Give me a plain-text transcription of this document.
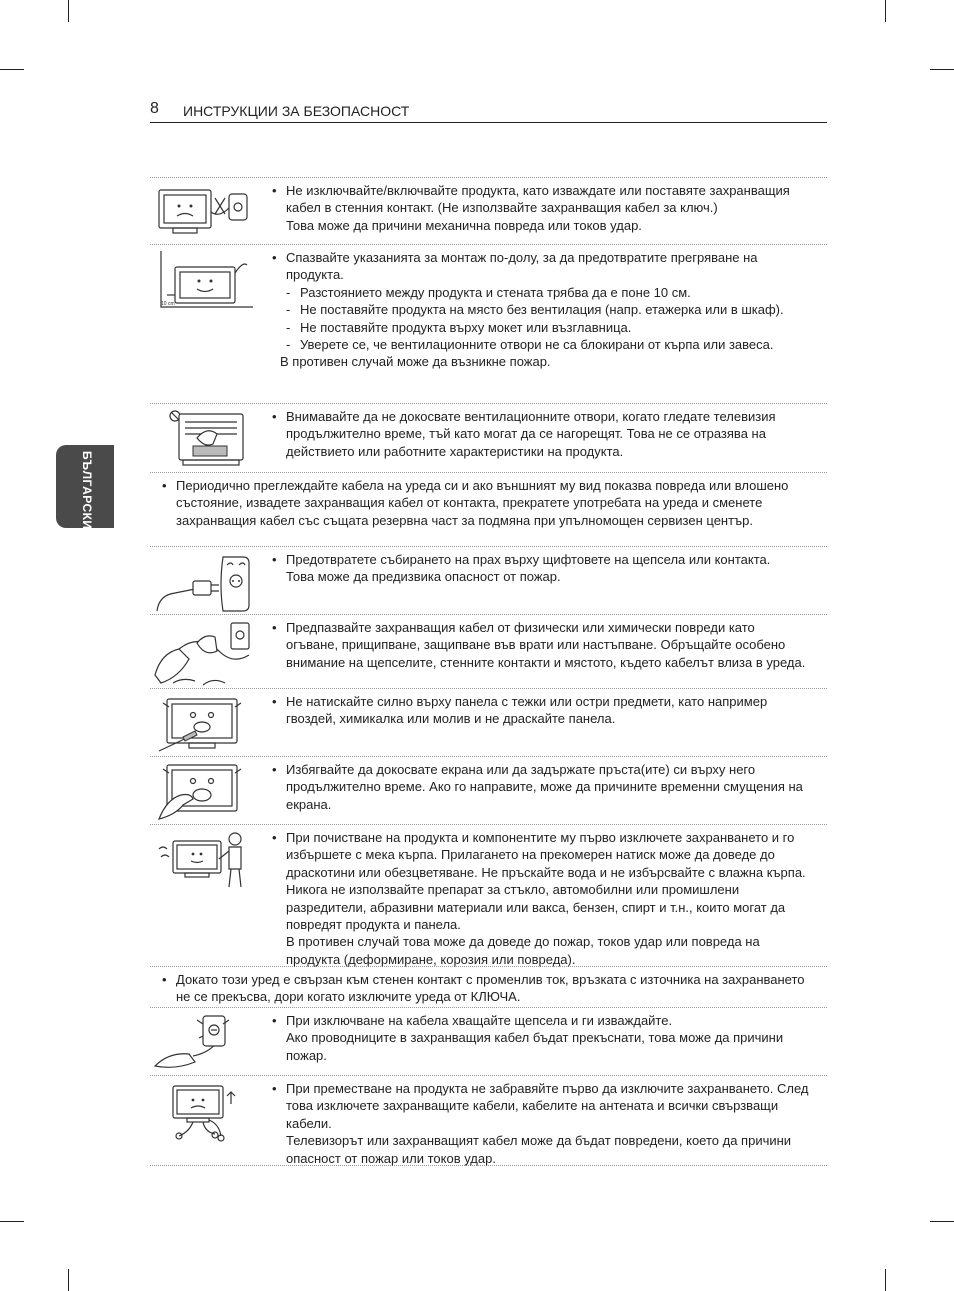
8 ИНСТРУКЦИИ ЗА БЕЗОПАСНОСТ
БЪЛГАРСКИ

• Не изключвайте/включвайте продукта, като изваждате или поставяте захранващия кабел в стенния контакт. (Не използвайте захранващия кабел за ключ.)

Това може да причини механична повреда или токов удар.

10 cm

• Спазвайте указанията за монтаж по-долу, за да предотвратите прегряване на продукта.

- Разстоянието между продукта и стената трябва да е поне 10 см.

- Не поставяйте продукта на място без вентилация (напр. етажерка или в шкаф).

- Не поставяйте продукта върху мокет или възглавница.

- Уверете се, че вентилационните отвори не са блокирани от кърпа или завеса.

В противен случай може да възникне пожар.

• Внимавайте да не докосвате вентилационните отвори, когато гледате телевизия продължително време, тъй като могат да се нагорещят. Това не се отразява на действието или работните характеристики на продукта.

• Периодично преглеждайте кабела на уреда си и ако външният му вид показва повреда или влошено състояние, извадете захранващия кабел от контакта, прекратете употребата на уреда и сменете захранващия кабел със същата резервна част за подмяна при упълномощен сервизен център.

• Предотвратете събирането на прах върху щифтовете на щепсела или контакта.

Това може да предизвика опасност от пожар.

• Предпазвайте захранващия кабел от физически или химически повреди като огъване, прищипване, защипване във врати или настъпване. Обръщайте особено внимание на щепселите, стенните контакти и мястото, където кабелът влиза в уреда.

• Не натискайте силно върху панела с тежки или остри предмети, като например гвоздей, химикалка или молив и не драскайте панела.

• Избягвайте да докосвате екрана или да задържате пръста(ите) си върху него продължително време. Ако го направите, може да причините временни смущения на екрана.

• При почистване на продукта и компонентите му първо изключете захранването и го избършете с мека кърпа. Прилагането на прекомерен натиск може да доведе до драскотини или обезцветяване. Не пръскайте вода и не избърсвайте с влажна кърпа. Никога не използвайте препарат за стъкло, автомобилни или промишлени разредители, абразивни материали или вакса, бензен, спирт и т.н., които могат да повредят продукта и панела.

В противен случай това може да доведе до пожар, токов удар или повреда на продукта (деформиране, корозия или повреда).

• Докато този уред е свързан към стенен контакт с променлив ток, връзката с източника на захранването не се прекъсва, дори когато изключите уреда от КЛЮЧА.

• При изключване на кабела хващайте щепсела и ги изваждайте.

Ако проводниците в захранващия кабел бъдат прекъснати, това може да причини пожар.

• При преместване на продукта не забравяйте първо да изключите захранването. След това изключете захранващите кабели, кабелите на антената и всички свързващи кабели.

Телевизорът или захранващият кабел може да бъдат повредени, което да причини опасност от пожар или токов удар.
